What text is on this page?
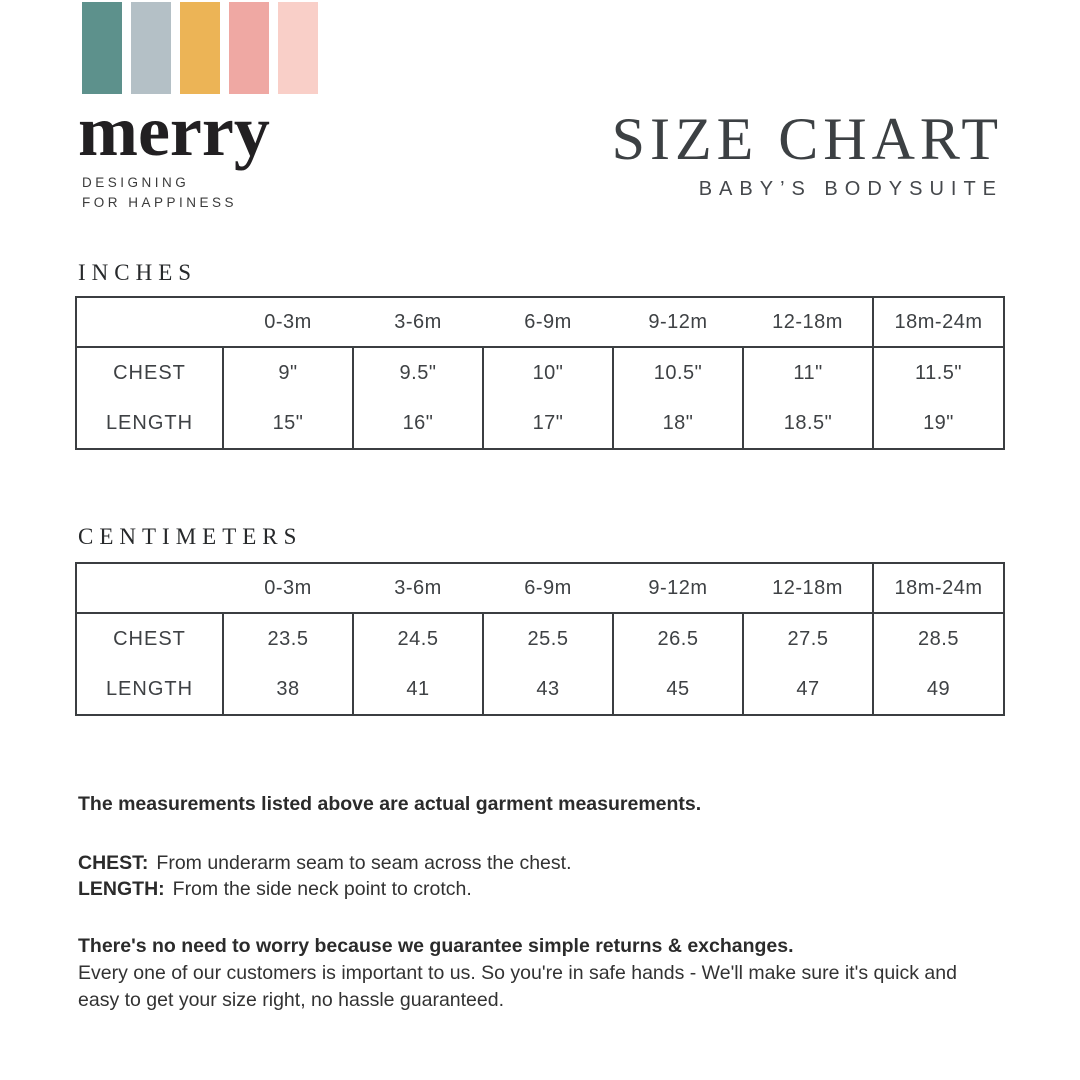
merry
DESIGNING
FOR HAPPINESS
SIZE CHART
BABY’S BODYSUITE
INCHES
	0-3m	3-6m	6-9m	9-12m	12-18m	18m-24m
CHEST	9"	9.5"	10"	10.5"	11"	11.5"
LENGTH	15"	16"	17"	18"	18.5"	19"
CENTIMETERS
	0-3m	3-6m	6-9m	9-12m	12-18m	18m-24m
CHEST	23.5	24.5	25.5	26.5	27.5	28.5
LENGTH	38	41	43	45	47	49

The measurements listed above are actual garment measurements.

CHEST: From underarm seam to seam across the chest.

LENGTH: From the side neck point to crotch.

There's no need to worry because we guarantee simple returns & exchanges.
Every one of our customers is important to us. So you're in safe hands - We'll make sure it's quick and easy to get your size right, no hassle guaranteed.
